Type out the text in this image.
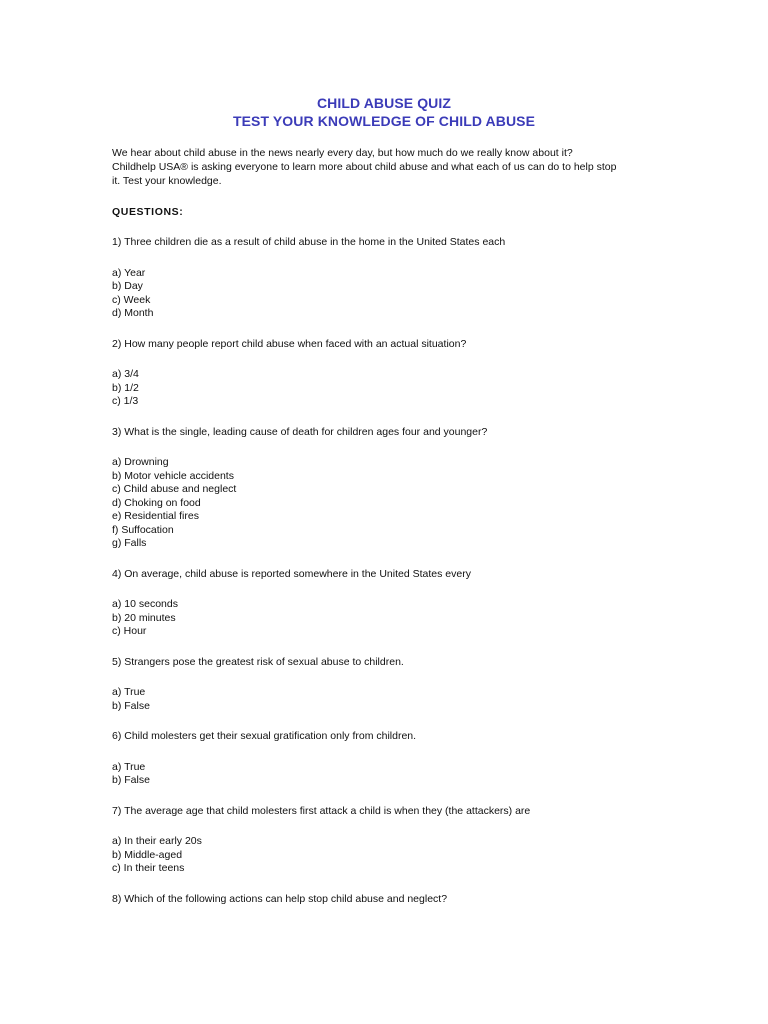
CHILD ABUSE QUIZ
TEST YOUR KNOWLEDGE OF CHILD ABUSE
We hear about child abuse in the news nearly every day, but how much do we really know about it?
Childhelp USA® is asking everyone to learn more about child abuse and what each of us can do to help stop
it. Test your knowledge.
QUESTIONS:
1) Three children die as a result of child abuse in the home in the United States each
a) Year
b) Day
c) Week
d) Month
2) How many people report child abuse when faced with an actual situation?
a) 3/4
b) 1/2
c) 1/3
3) What is the single, leading cause of death for children ages four and younger?
a) Drowning
b) Motor vehicle accidents
c) Child abuse and neglect
d) Choking on food
e) Residential fires
f) Suffocation
g) Falls
4) On average, child abuse is reported somewhere in the United States every
a) 10 seconds
b) 20 minutes
c) Hour
5) Strangers pose the greatest risk of sexual abuse to children.
a) True
b) False
6) Child molesters get their sexual gratification only from children.
a) True
b) False
7) The average age that child molesters first attack a child is when they (the attackers) are
a) In their early 20s
b) Middle-aged
c) In their teens
8) Which of the following actions can help stop child abuse and neglect?
